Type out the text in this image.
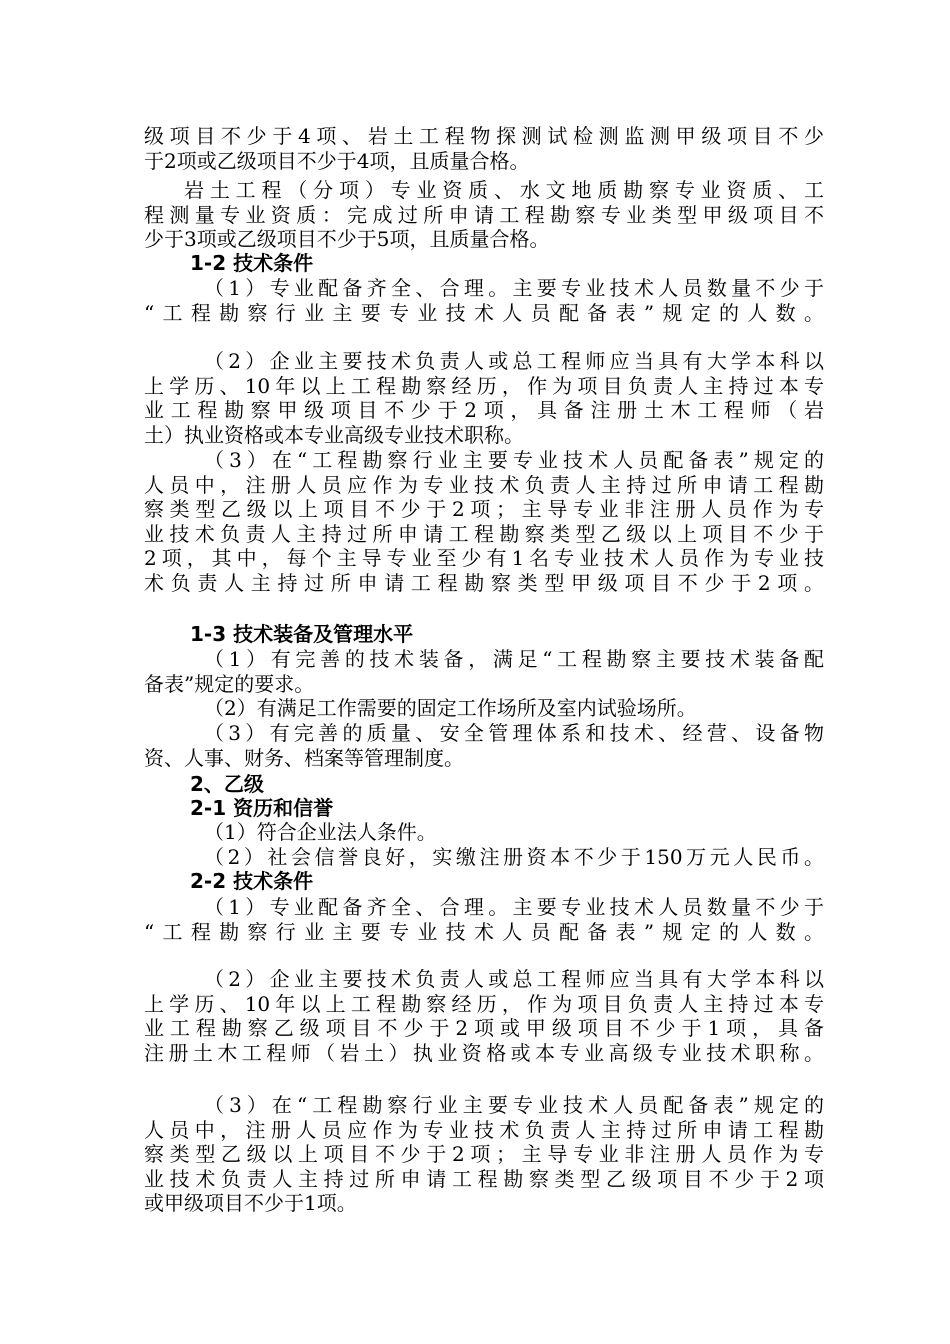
级项目不少于4项、岩土工程物探测试检测监测甲级项目不少
于2项或乙级项目不少于4项，且质量合格。
岩土工程（分项）专业资质、水文地质勘察专业资质、工
程测量专业资质：完成过所申请工程勘察专业类型甲级项目不
少于3项或乙级项目不少于5项，且质量合格。
1-2 技术条件
（1）专业配备齐全、合理。主要专业技术人员数量不少于
“工程勘察行业主要专业技术人员配备表”规定的人数。
（2）企业主要技术负责人或总工程师应当具有大学本科以
上学历、10年以上工程勘察经历，作为项目负责人主持过本专
业工程勘察甲级项目不少于2项，具备注册土木工程师（岩
土）执业资格或本专业高级专业技术职称。
（3）在“工程勘察行业主要专业技术人员配备表”规定的
人员中，注册人员应作为专业技术负责人主持过所申请工程勘
察类型乙级以上项目不少于2项；主导专业非注册人员作为专
业技术负责人主持过所申请工程勘察类型乙级以上项目不少于
2项，其中，每个主导专业至少有1名专业技术人员作为专业技
术负责人主持过所申请工程勘察类型甲级项目不少于2项。
1-3 技术装备及管理水平
（1）有完善的技术装备，满足“工程勘察主要技术装备配
备表”规定的要求。
（2）有满足工作需要的固定工作场所及室内试验场所。
（3）有完善的质量、安全管理体系和技术、经营、设备物
资、人事、财务、档案等管理制度。
2、乙级
2-1 资历和信誉
（1）符合企业法人条件。
（2）社会信誉良好，实缴注册资本不少于150万元人民币。
2-2 技术条件
（1）专业配备齐全、合理。主要专业技术人员数量不少于
“工程勘察行业主要专业技术人员配备表”规定的人数。
（2）企业主要技术负责人或总工程师应当具有大学本科以
上学历、10年以上工程勘察经历，作为项目负责人主持过本专
业工程勘察乙级项目不少于2项或甲级项目不少于1项，具备
注册土木工程师（岩土）执业资格或本专业高级专业技术职称。
（3）在“工程勘察行业主要专业技术人员配备表”规定的
人员中，注册人员应作为专业技术负责人主持过所申请工程勘
察类型乙级以上项目不少于2项；主导专业非注册人员作为专
业技术负责人主持过所申请工程勘察类型乙级项目不少于2项
或甲级项目不少于1项。
